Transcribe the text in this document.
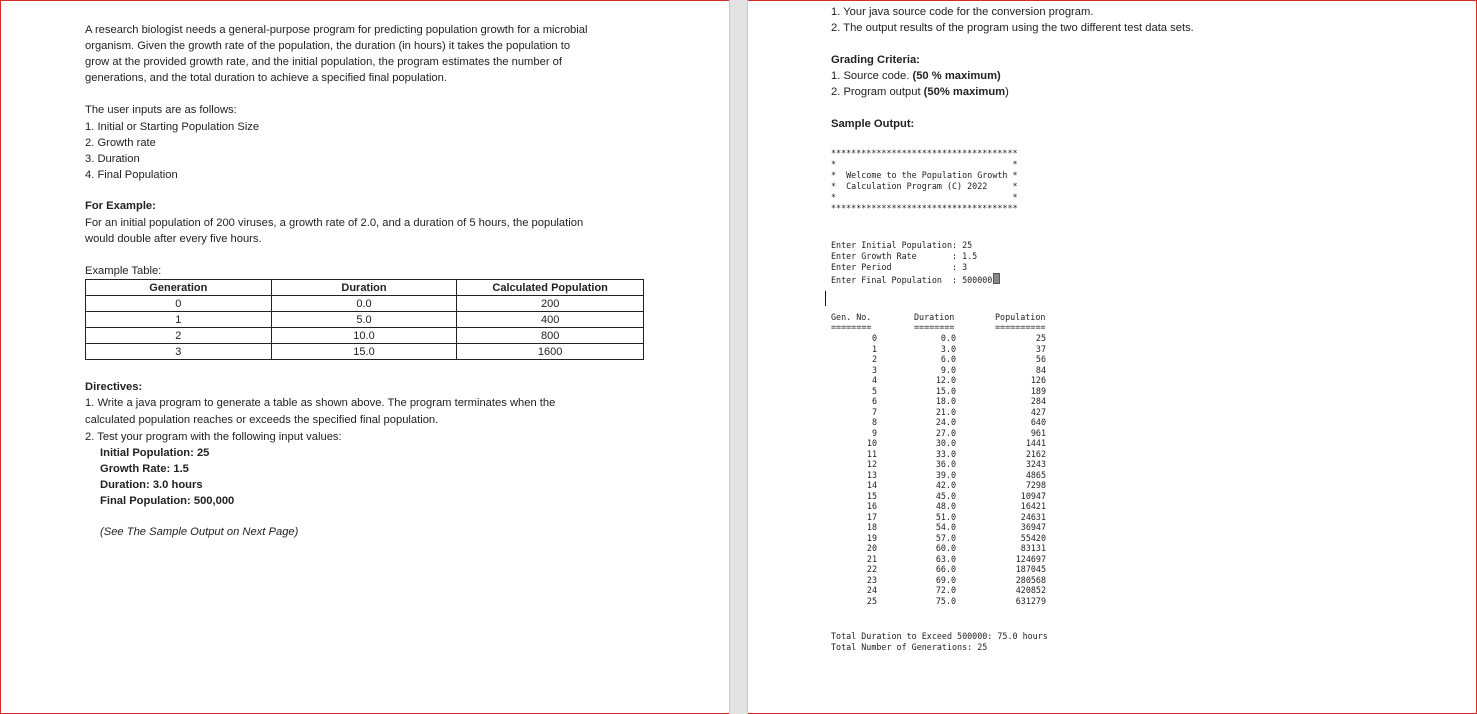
A research biologist needs a general-purpose program for predicting population growth for a microbial
organism. Given the growth rate of the population, the duration (in hours) it takes the population to
grow at the provided growth rate, and the initial population, the program estimates the number of
generations, and the total duration to achieve a specified final population.
The user inputs are as follows:
1. Initial or Starting Population Size
2. Growth rate
3. Duration
4. Final Population
For Example:
For an initial population of 200 viruses, a growth rate of 2.0, and a duration of 5 hours, the population
would double after every five hours.
Example Table:
Generation	Duration	Calculated Population
0	0.0	200
1	5.0	400
2	10.0	800
3	15.0	1600
Directives:
1. Write a java program to generate a table as shown above. The program terminates when the
calculated population reaches or exceeds the specified final population.
2. Test your program with the following input values:
Initial Population: 25
Growth Rate: 1.5
Duration: 3.0 hours
Final Population: 500,000
(See The Sample Output on Next Page)
1. Your java source code for the conversion program.
2. The output results of the program using the two different test data sets.
Grading Criteria:
1. Source code. (50 % maximum)
2. Program output (50% maximum)
Sample Output:
*************************************
*                                   *
*  Welcome to the Population Growth *
*  Calculation Program (C) 2022     *
*                                   *
*************************************
Enter Initial Population: 25
Enter Growth Rate       : 1.5
Enter Period            : 3
Enter Final Population  : 500000
Gen. No.	Duration	Population
========	========	==========
0	0.0	25
1	3.0	37
2	6.0	56
3	9.0	84
4	12.0	126
5	15.0	189
6	18.0	284
7	21.0	427
8	24.0	640
9	27.0	961
10	30.0	1441
11	33.0	2162
12	36.0	3243
13	39.0	4865
14	42.0	7298
15	45.0	10947
16	48.0	16421
17	51.0	24631
18	54.0	36947
19	57.0	55420
20	60.0	83131
21	63.0	124697
22	66.0	187045
23	69.0	280568
24	72.0	420852
25	75.0	631279
Total Duration to Exceed 500000: 75.0 hours
Total Number of Generations: 25
